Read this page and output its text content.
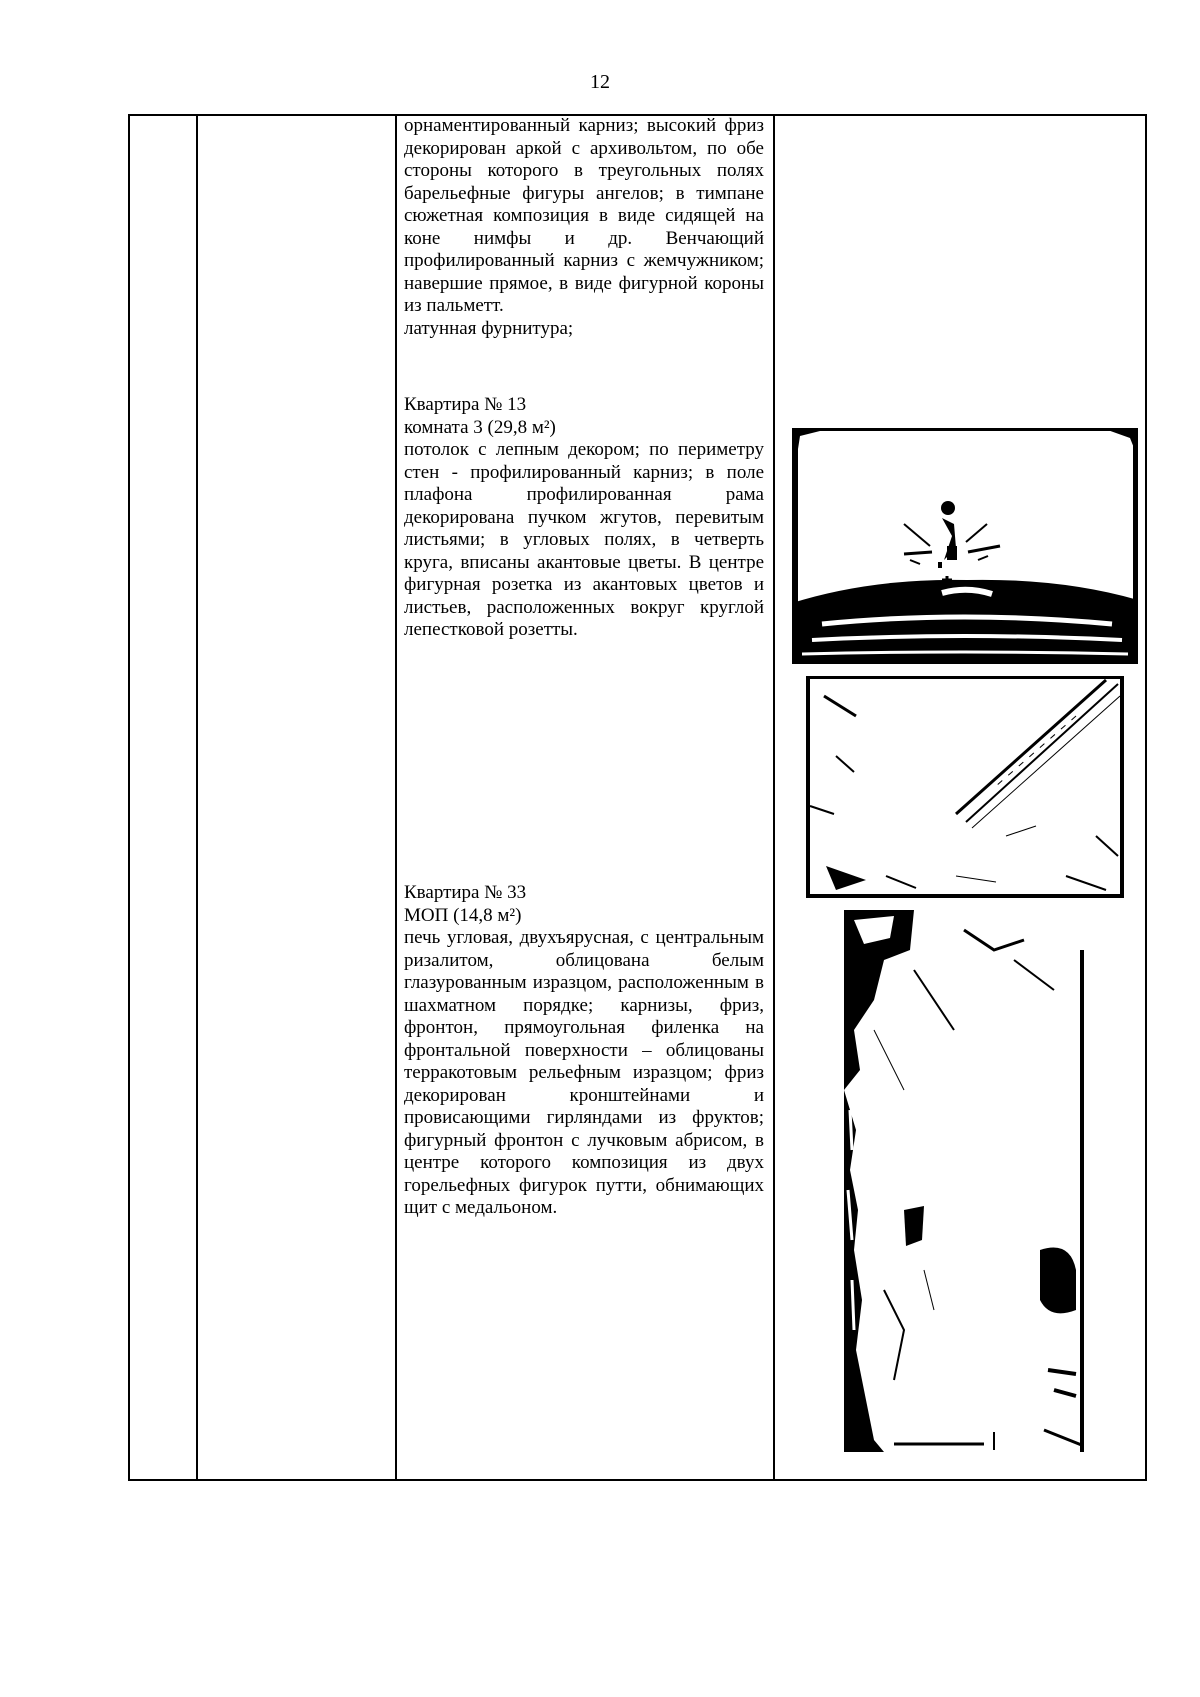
12

орнаментированный карниз; высокий фриз декорирован аркой с архивольтом, по обе стороны которого в треугольных полях барельефные фигуры ангелов; в тимпане сюжетная композиция в виде сидящей на коне нимфы и др. Венчающий профилированный карниз с жемчужником; навершие прямое, в виде фигурной короны из пальметт.

латунная фурнитура;

Квартира № 13

комната 3 (29,8 м²)

потолок с лепным декором; по периметру стен - профилированный карниз; в поле плафона профилированная рама декорирована пучком жгутов, перевитым листьями; в угловых полях, в четверть круга, вписаны акантовые цветы. В центре фигурная розетка из акантовых цветов и листьев, расположенных вокруг круглой лепестковой розетты.

Квартира № 33

МОП (14,8 м²)

печь угловая, двухъярусная, с центральным ризалитом, облицована белым глазурованным изразцом, расположенным в шахматном порядке; карнизы, фриз, фронтон, прямоугольная филенка на фронтальной поверхности – облицованы терракотовым рельефным изразцом; фриз декорирован кронштейнами и провисающими гирляндами из фруктов; фигурный фронтон с лучковым абрисом, в центре которого композиция из двух горельефных фигурок путти, обнимающих щит с медальоном.
